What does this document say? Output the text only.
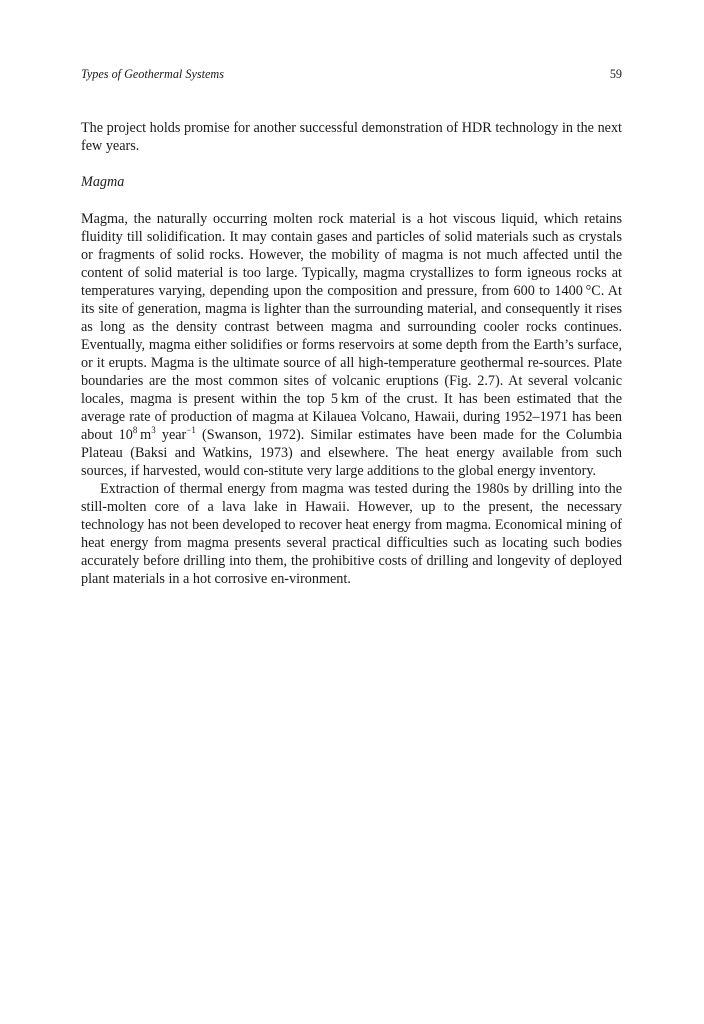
Types of Geothermal Systems	59

The project holds promise for another successful demonstration of HDR technology in the next few years.

Magma

Magma, the naturally occurring molten rock material is a hot viscous liquid, which retains fluidity till solidification. It may contain gases and particles of solid materials such as crystals or fragments of solid rocks. However, the mobility of magma is not much affected until the content of solid material is too large. Typically, magma crystallizes to form igneous rocks at temperatures varying, depending upon the composition and pressure, from 600 to 1400 °C. At its site of generation, magma is lighter than the surrounding material, and consequently it rises as long as the density contrast between magma and surrounding cooler rocks continues. Eventually, magma either solidifies or forms reservoirs at some depth from the Earth’s surface, or it erupts. Magma is the ultimate source of all high-temperature geothermal re-sources. Plate boundaries are the most common sites of volcanic eruptions (Fig. 2.7). At several volcanic locales, magma is present within the top 5 km of the crust. It has been estimated that the average rate of production of magma at Kilauea Volcano, Hawaii, during 1952–1971 has been about $10^8$ $m^3$ year$^{-1}$ (Swanson, 1972). Similar estimates have been made for the Columbia Plateau (Baksi and Watkins, 1973) and elsewhere. The heat energy available from such sources, if harvested, would con-stitute very large additions to the global energy inventory.

Extraction of thermal energy from magma was tested during the 1980s by drilling into the still-molten core of a lava lake in Hawaii. However, up to the present, the necessary technology has not been developed to recover heat energy from magma. Economical mining of heat energy from magma presents several practical difficulties such as locating such bodies accurately before drilling into them, the prohibitive costs of drilling and longevity of deployed plant materials in a hot corrosive en-vironment.
